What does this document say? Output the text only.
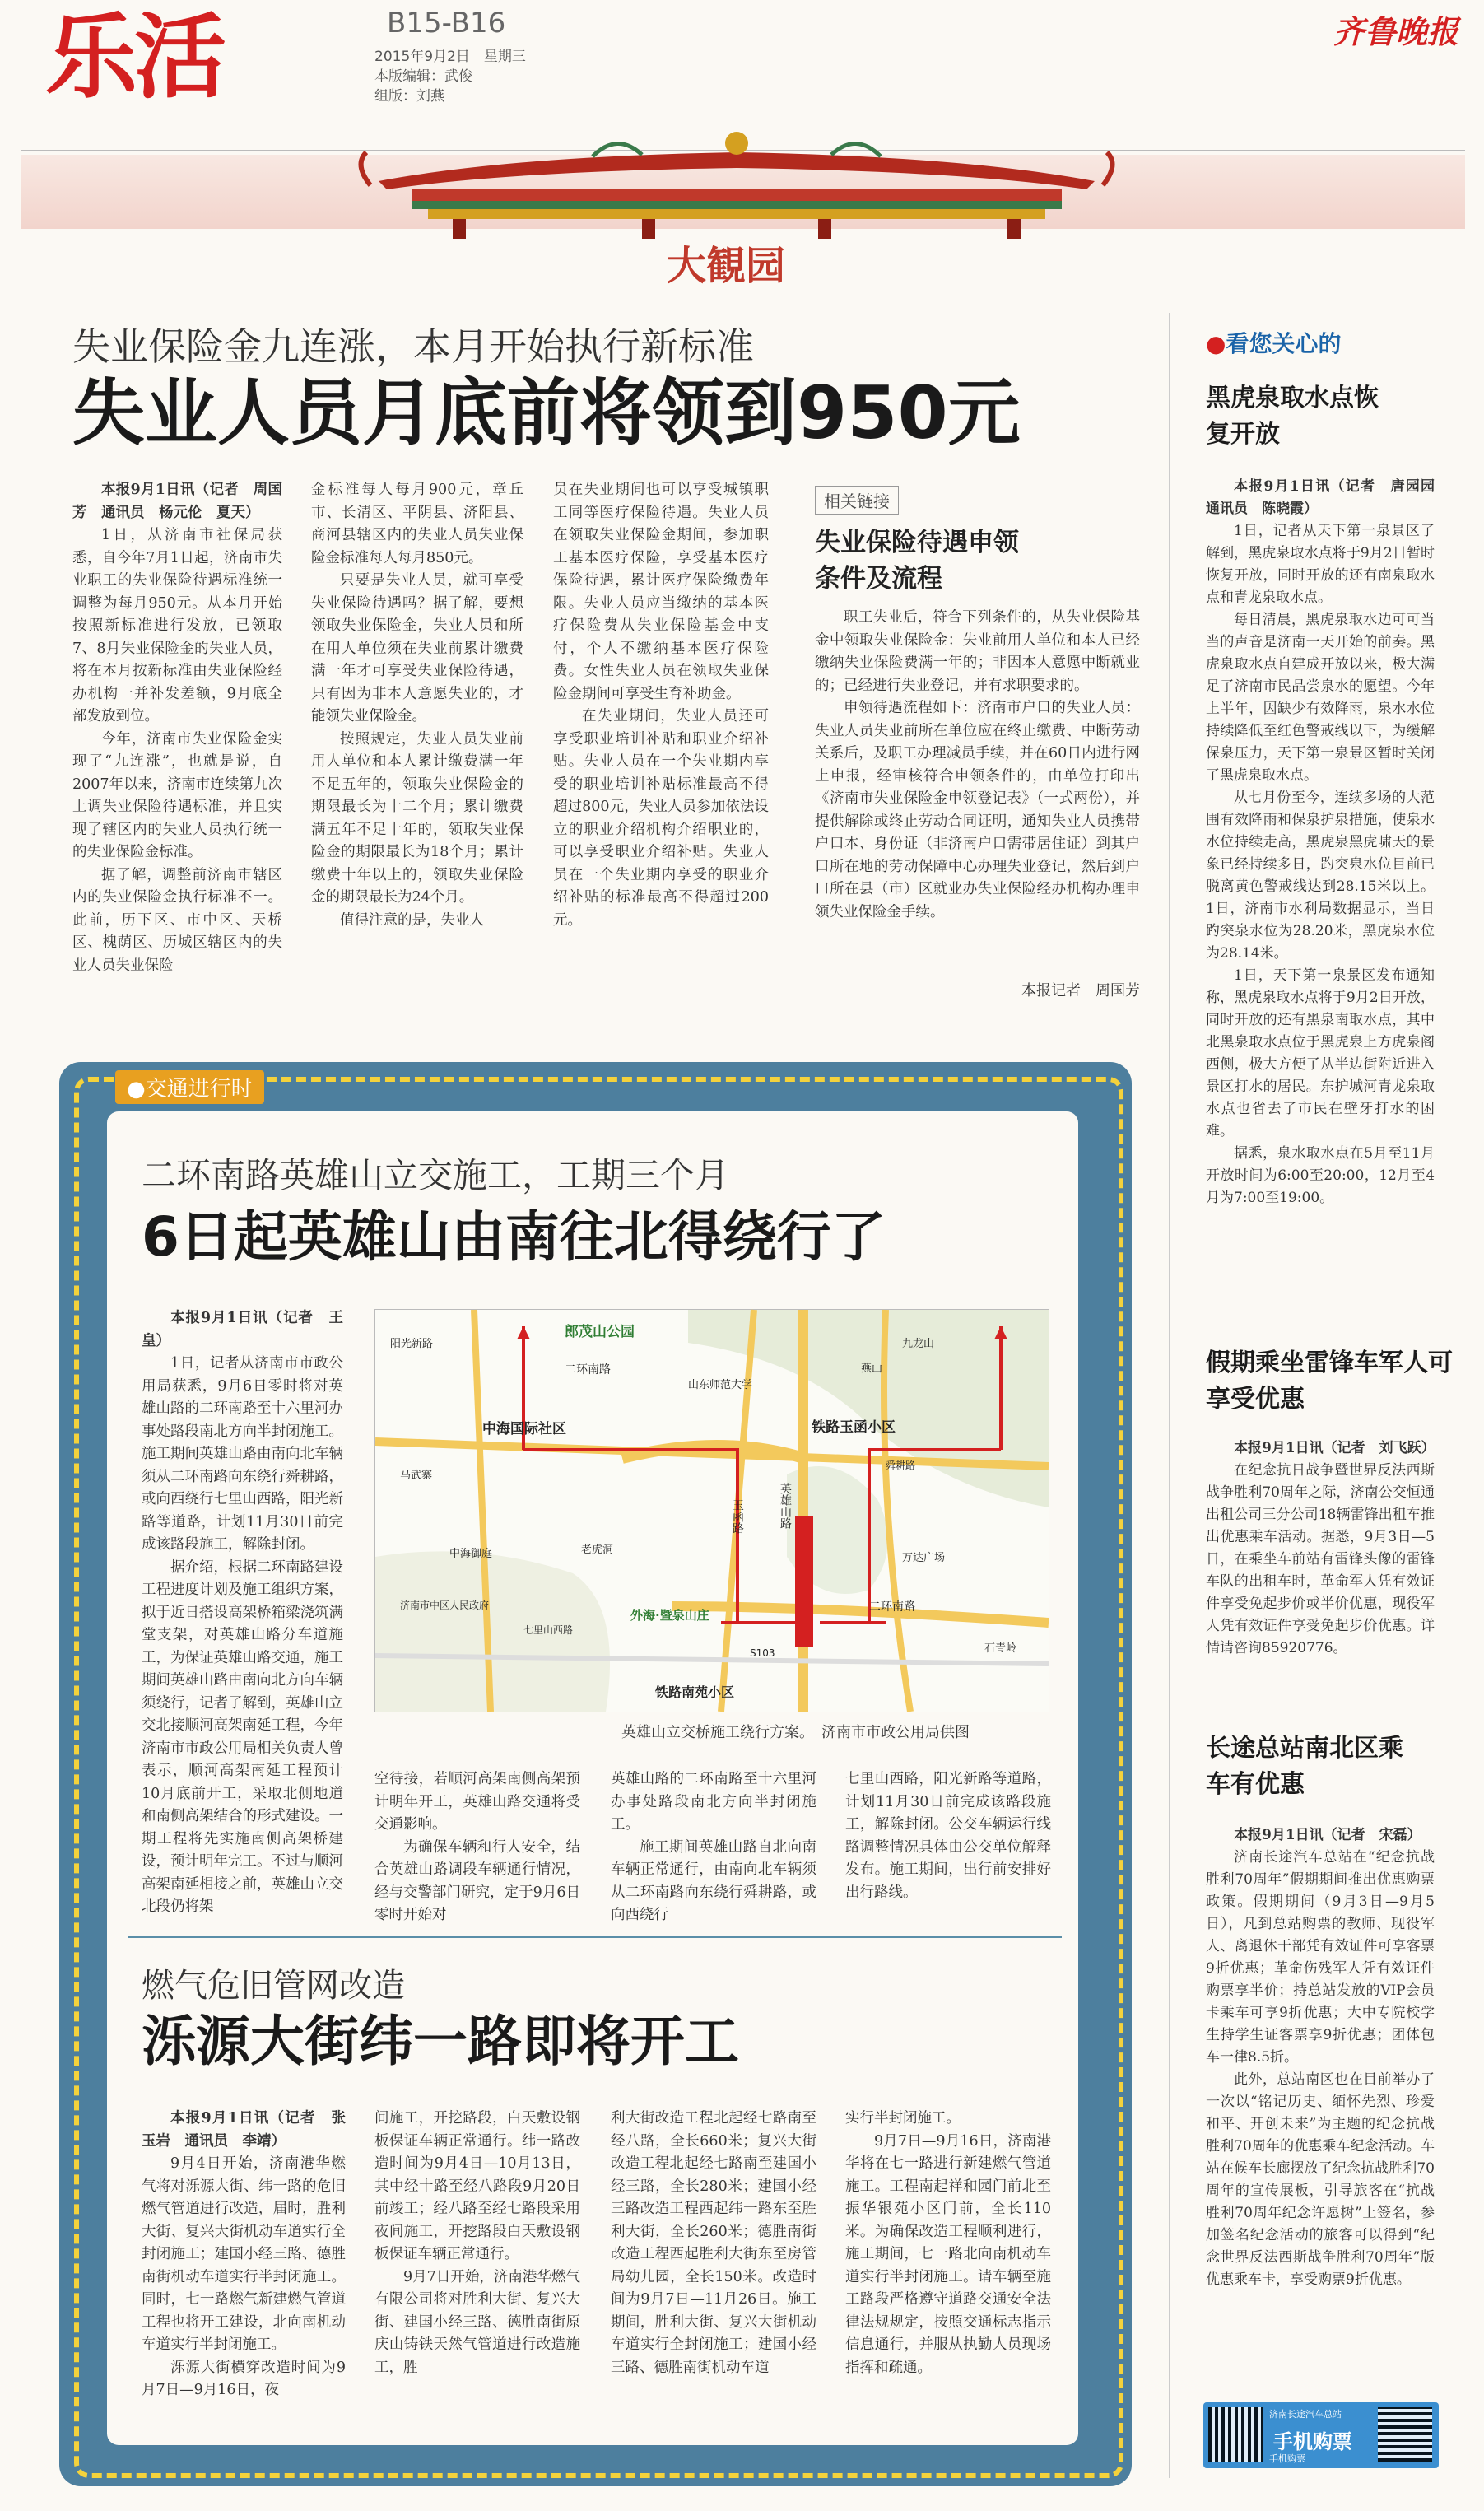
乐活	B15-B16
2015年9月2日　星期三
本版编辑：武俊
组版：刘燕
齐鲁晚报
大観园
失业保险金九连涨，本月开始执行新标准
失业人员月底前将领到950元

本报9月1日讯（记者　周国芳　通讯员　杨元伦　夏天）

1日，从济南市社保局获悉，自今年7月1日起，济南市失业职工的失业保险待遇标准统一调整为每月950元。从本月开始按照新标准进行发放，已领取7、8月失业保险金的失业人员，将在本月按新标准由失业保险经办机构一并补发差额，9月底全部发放到位。

今年，济南市失业保险金实现了“九连涨”，也就是说，自2007年以来，济南市连续第九次上调失业保险待遇标准，并且实现了辖区内的失业人员执行统一的失业保险金标准。

据了解，调整前济南市辖区内的失业保险金执行标准不一。此前，历下区、市中区、天桥区、槐荫区、历城区辖区内的失业人员失业保险

金标准每人每月900元，章丘市、长清区、平阴县、济阳县、商河县辖区内的失业人员失业保险金标准每人每月850元。

只要是失业人员，就可享受失业保险待遇吗？据了解，要想领取失业保险金，失业人员和所在用人单位须在失业前累计缴费满一年才可享受失业保险待遇，只有因为非本人意愿失业的，才能领失业保险金。

按照规定，失业人员失业前用人单位和本人累计缴费满一年不足五年的，领取失业保险金的期限最长为十二个月；累计缴费满五年不足十年的，领取失业保险金的期限最长为18个月；累计缴费十年以上的，领取失业保险金的期限最长为24个月。

值得注意的是，失业人

员在失业期间也可以享受城镇职工同等医疗保险待遇。失业人员在领取失业保险金期间，参加职工基本医疗保险，享受基本医疗保险待遇，累计医疗保险缴费年限。失业人员应当缴纳的基本医疗保险费从失业保险基金中支付，个人不缴纳基本医疗保险费。女性失业人员在领取失业保险金期间可享受生育补助金。

在失业期间，失业人员还可享受职业培训补贴和职业介绍补贴。失业人员在一个失业期内享受的职业培训补贴标准最高不得超过800元，失业人员参加依法设立的职业介绍机构介绍职业的，可以享受职业介绍补贴。失业人员在一个失业期内享受的职业介绍补贴的标准最高不得超过200元。

相关链接
失业保险待遇申领条件及流程

职工失业后，符合下列条件的，从失业保险基金中领取失业保险金：失业前用人单位和本人已经缴纳失业保险费满一年的；非因本人意愿中断就业的；已经进行失业登记，并有求职要求的。

申领待遇流程如下：济南市户口的失业人员：失业人员失业前所在单位应在终止缴费、中断劳动关系后，及职工办理减员手续，并在60日内进行网上申报，经审核符合申领条件的，由单位打印出《济南市失业保险金申领登记表》（一式两份），并提供解除或终止劳动合同证明，通知失业人员携带户口本、身份证（非济南户口需带居住证）到其户口所在地的劳动保障中心办理失业登记，然后到户口所在县（市）区就业办失业保险经办机构办理申领失业保险金手续。

本报记者　周国芳
●交通进行时
二环南路英雄山立交施工，工期三个月
6日起英雄山由南往北得绕行了

本报9月1日讯（记者　王皇）

1日，记者从济南市市政公用局获悉，9月6日零时将对英雄山路的二环南路至十六里河办事处路段南北方向半封闭施工。施工期间英雄山路由南向北车辆须从二环南路向东绕行舜耕路，或向西绕行七里山西路，阳光新路等道路，计划11月30日前完成该路段施工，解除封闭。

据介绍，根据二环南路建设工程进度计划及施工组织方案，拟于近日搭设高架桥箱梁浇筑满堂支架，对英雄山路分车道施工，为保证英雄山路交通，施工期间英雄山路由南向北方向车辆须绕行，记者了解到，英雄山立交北接顺河高架南延工程，今年济南市市政公用局相关负责人曾表示，顺河高架南延工程预计10月底前开工，采取北侧地道和南侧高架结合的形式建设。一期工程将先实施南侧高架桥建设，预计明年完工。不过与顺河高架南延相接之前，英雄山立交北段仍将架

郎茂山公园
中海国际社区	铁路玉函小区
二环南路
外海·暨泉山庄
二环南路
玉函路	英雄山路
铁路南苑小区
阳光新路
马武寨
中海御庭
九龙山
老虎洞
燕山
山东师范大学
万达广场
济南市中区人民政府
石青岭
七里山西路
舜耕路
S103
英雄山立交桥施工绕行方案。　济南市市政公用局供图

空待接，若顺河高架南侧高架预计明年开工，英雄山路交通将受交通影响。

为确保车辆和行人安全，结合英雄山路调段车辆通行情况，经与交警部门研究，定于9月6日零时开始对

英雄山路的二环南路至十六里河办事处路段南北方向半封闭施工。

施工期间英雄山路自北向南车辆正常通行，由南向北车辆须从二环南路向东绕行舜耕路，或向西绕行

七里山西路，阳光新路等道路，计划11月30日前完成该路段施工，解除封闭。公交车辆运行线路调整情况具体由公交单位解释发布。施工期间，出行前安排好出行路线。

燃气危旧管网改造
泺源大街纬一路即将开工

本报9月1日讯（记者　张玉岩　通讯员　李靖）

9月4日开始，济南港华燃气将对泺源大街、纬一路的危旧燃气管道进行改造，届时，胜利大街、复兴大街机动车道实行全封闭施工；建国小经三路、德胜南街机动车道实行半封闭施工。同时，七一路燃气新建燃气管道工程也将开工建设，北向南机动车道实行半封闭施工。

泺源大街横穿改造时间为9月7日—9月16日，夜

间施工，开挖路段，白天敷设钢板保证车辆正常通行。纬一路改造时间为9月4日—10月13日，其中经十路至经八路段9月20日前竣工；经八路至经七路段采用夜间施工，开挖路段白天敷设钢板保证车辆正常通行。

9月7日开始，济南港华燃气有限公司将对胜利大街、复兴大街、建国小经三路、德胜南街原庆山铸铁天然气管道进行改造施工，胜

利大街改造工程北起经七路南至经八路，全长660米；复兴大街改造工程北起经七路南至建国小经三路，全长280米；建国小经三路改造工程西起纬一路东至胜利大街，全长260米；德胜南街改造工程西起胜利大街东至房管局幼儿园，全长150米。改造时间为9月7日—11月26日。施工期间，胜利大街、复兴大街机动车道实行全封闭施工；建国小经三路、德胜南街机动车道

实行半封闭施工。

9月7日—9月16日，济南港华将在七一路进行新建燃气管道施工。工程南起祥和园门前北至振华银苑小区门前，全长110米。为确保改造工程顺利进行，施工期间，七一路北向南机动车道实行半封闭施工。请车辆至施工路段严格遵守道路交通安全法律法规规定，按照交通标志指示信息通行，并服从执勤人员现场指挥和疏通。

●看您关心的
黑虎泉取水点恢复开放

本报9月1日讯（记者　唐园园　通讯员　陈晓霞）

1日，记者从天下第一泉景区了解到，黑虎泉取水点将于9月2日暂时恢复开放，同时开放的还有南泉取水点和青龙泉取水点。

每日清晨，黑虎泉取水边可可当当的声音是济南一天开始的前奏。黑虎泉取水点自建成开放以来，极大满足了济南市民品尝泉水的愿望。今年上半年，因缺少有效降雨，泉水水位持续降低至红色警戒线以下，为缓解保泉压力，天下第一泉景区暂时关闭了黑虎泉取水点。

从七月份至今，连续多场的大范围有效降雨和保泉护泉措施，使泉水水位持续走高，黑虎泉黑虎啸天的景象已经持续多日，趵突泉水位目前已脱离黄色警戒线达到28.15米以上。1日，济南市水利局数据显示，当日趵突泉水位为28.20米，黑虎泉水位为28.14米。

1日，天下第一泉景区发布通知称，黑虎泉取水点将于9月2日开放，同时开放的还有黑泉南取水点，其中北黑泉取水点位于黑虎泉上方虎泉阁西侧，极大方便了从半边街附近进入景区打水的居民。东护城河青龙泉取水点也省去了市民在壁牙打水的困难。

据悉，泉水取水点在5月至11月开放时间为6:00至20:00，12月至4月为7:00至19:00。

假期乘坐雷锋车军人可享受优惠

本报9月1日讯（记者　刘飞跃）

在纪念抗日战争暨世界反法西斯战争胜利70周年之际，济南公交恒通出租公司三分公司18辆雷锋出租车推出优惠乘车活动。据悉，9月3日—5日，在乘坐车前站有雷锋头像的雷锋车队的出租车时，革命军人凭有效证件享受免起步价或半价优惠，现役军人凭有效证件享受免起步价优惠。详情请咨询85920776。

长途总站南北区乘车有优惠

本报9月1日讯（记者　宋磊）

济南长途汽车总站在“纪念抗战胜利70周年”假期期间推出优惠购票政策。假期期间（9月3日—9月5日），凡到总站购票的教师、现役军人、离退休干部凭有效证件可享客票9折优惠；革命伤残军人凭有效证件购票享半价；持总站发放的VIP会员卡乘车可享9折优惠；大中专院校学生持学生证客票享9折优惠；团体包车一律8.5折。

此外，总站南区也在目前举办了一次以“铭记历史、缅怀先烈、珍爱和平、开创未来”为主题的纪念抗战胜利70周年的优惠乘车纪念活动。车站在候车长廊摆放了纪念抗战胜利70周年的宣传展板，引导旅客在“抗战胜利70周年纪念许愿树”上签名，参加签名纪念活动的旅客可以得到“纪念世界反法西斯战争胜利70周年”版优惠乘车卡，享受购票9折优惠。

济南长途汽车总站
手机购票
手机购票
